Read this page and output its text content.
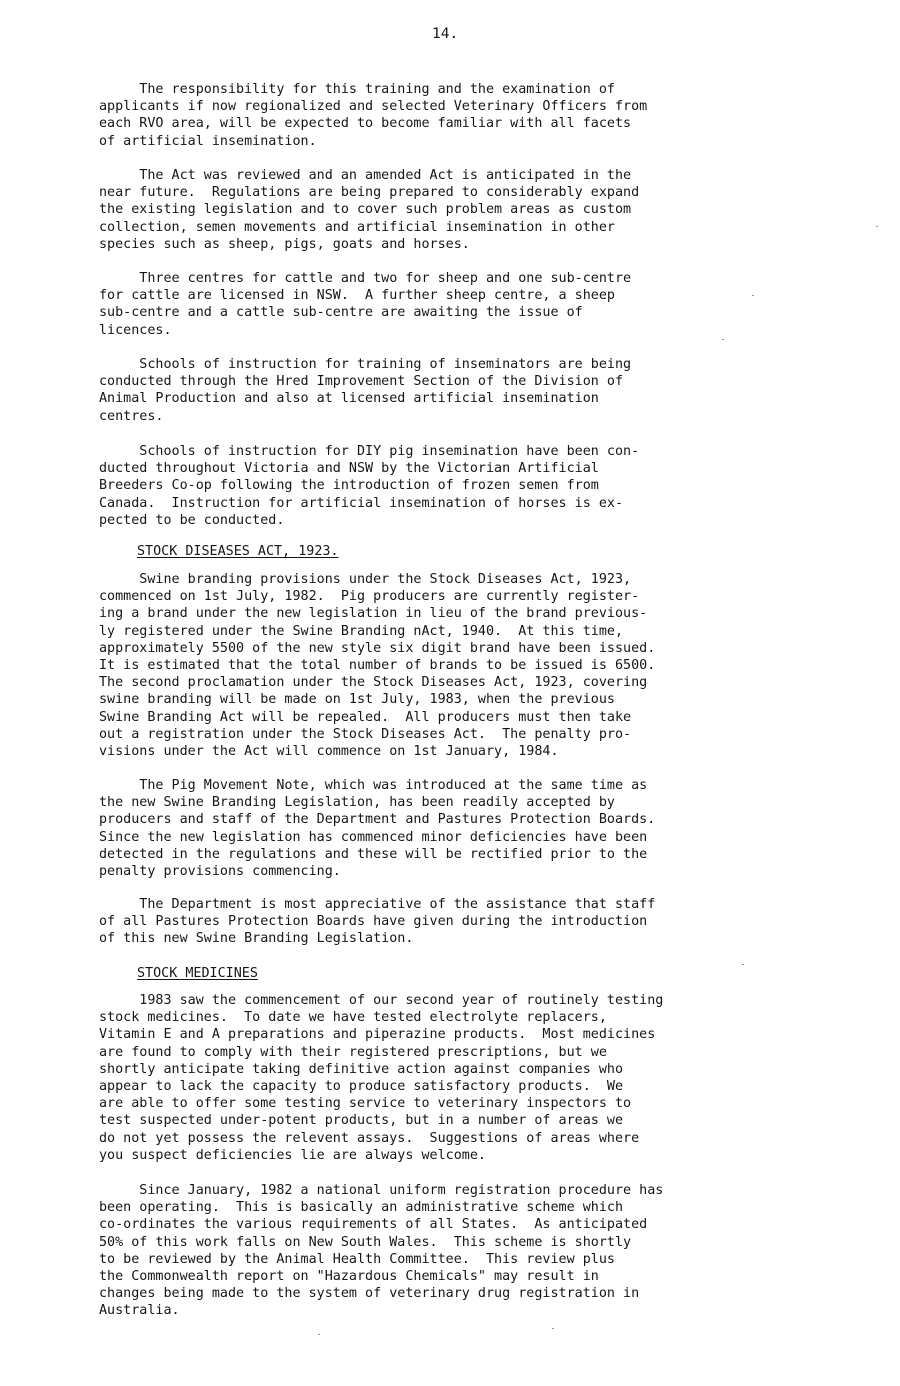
14.
The responsibility for this training and the examination of
applicants if now regionalized and selected Veterinary Officers from
each RVO area, will be expected to become familiar with all facets
of artificial insemination.
The Act was reviewed and an amended Act is anticipated in the
near future.  Regulations are being prepared to considerably expand
the existing legislation and to cover such problem areas as custom
collection, semen movements and artificial insemination in other
species such as sheep, pigs, goats and horses.
Three centres for cattle and two for sheep and one sub-centre
for cattle are licensed in NSW.  A further sheep centre, a sheep
sub-centre and a cattle sub-centre are awaiting the issue of
licences.
Schools of instruction for training of inseminators are being
conducted through the Hred Improvement Section of the Division of
Animal Production and also at licensed artificial insemination
centres.
Schools of instruction for DIY pig insemination have been con-
ducted throughout Victoria and NSW by the Victorian Artificial
Breeders Co-op following the introduction of frozen semen from
Canada.  Instruction for artificial insemination of horses is ex-
pected to be conducted.
STOCK DISEASES ACT, 1923.
Swine branding provisions under the Stock Diseases Act, 1923,
commenced on 1st July, 1982.  Pig producers are currently register-
ing a brand under the new legislation in lieu of the brand previous-
ly registered under the Swine Branding nAct, 1940.  At this time,
approximately 5500 of the new style six digit brand have been issued.
It is estimated that the total number of brands to be issued is 6500.
The second proclamation under the Stock Diseases Act, 1923, covering
swine branding will be made on 1st July, 1983, when the previous
Swine Branding Act will be repealed.  All producers must then take
out a registration under the Stock Diseases Act.  The penalty pro-
visions under the Act will commence on 1st January, 1984.
The Pig Movement Note, which was introduced at the same time as
the new Swine Branding Legislation, has been readily accepted by
producers and staff of the Department and Pastures Protection Boards.
Since the new legislation has commenced minor deficiencies have been
detected in the regulations and these will be rectified prior to the
penalty provisions commencing.
The Department is most appreciative of the assistance that staff
of all Pastures Protection Boards have given during the introduction
of this new Swine Branding Legislation.
STOCK MEDICINES
1983 saw the commencement of our second year of routinely testing
stock medicines.  To date we have tested electrolyte replacers,
Vitamin E and A preparations and piperazine products.  Most medicines
are found to comply with their registered prescriptions, but we
shortly anticipate taking definitive action against companies who
appear to lack the capacity to produce satisfactory products.  We
are able to offer some testing service to veterinary inspectors to
test suspected under-potent products, but in a number of areas we
do not yet possess the relevent assays.  Suggestions of areas where
you suspect deficiencies lie are always welcome.
Since January, 1982 a national uniform registration procedure has
been operating.  This is basically an administrative scheme which
co-ordinates the various requirements of all States.  As anticipated
50% of this work falls on New South Wales.  This scheme is shortly
to be reviewed by the Animal Health Committee.  This review plus
the Commonwealth report on "Hazardous Chemicals" may result in
changes being made to the system of veterinary drug registration in
Australia.
